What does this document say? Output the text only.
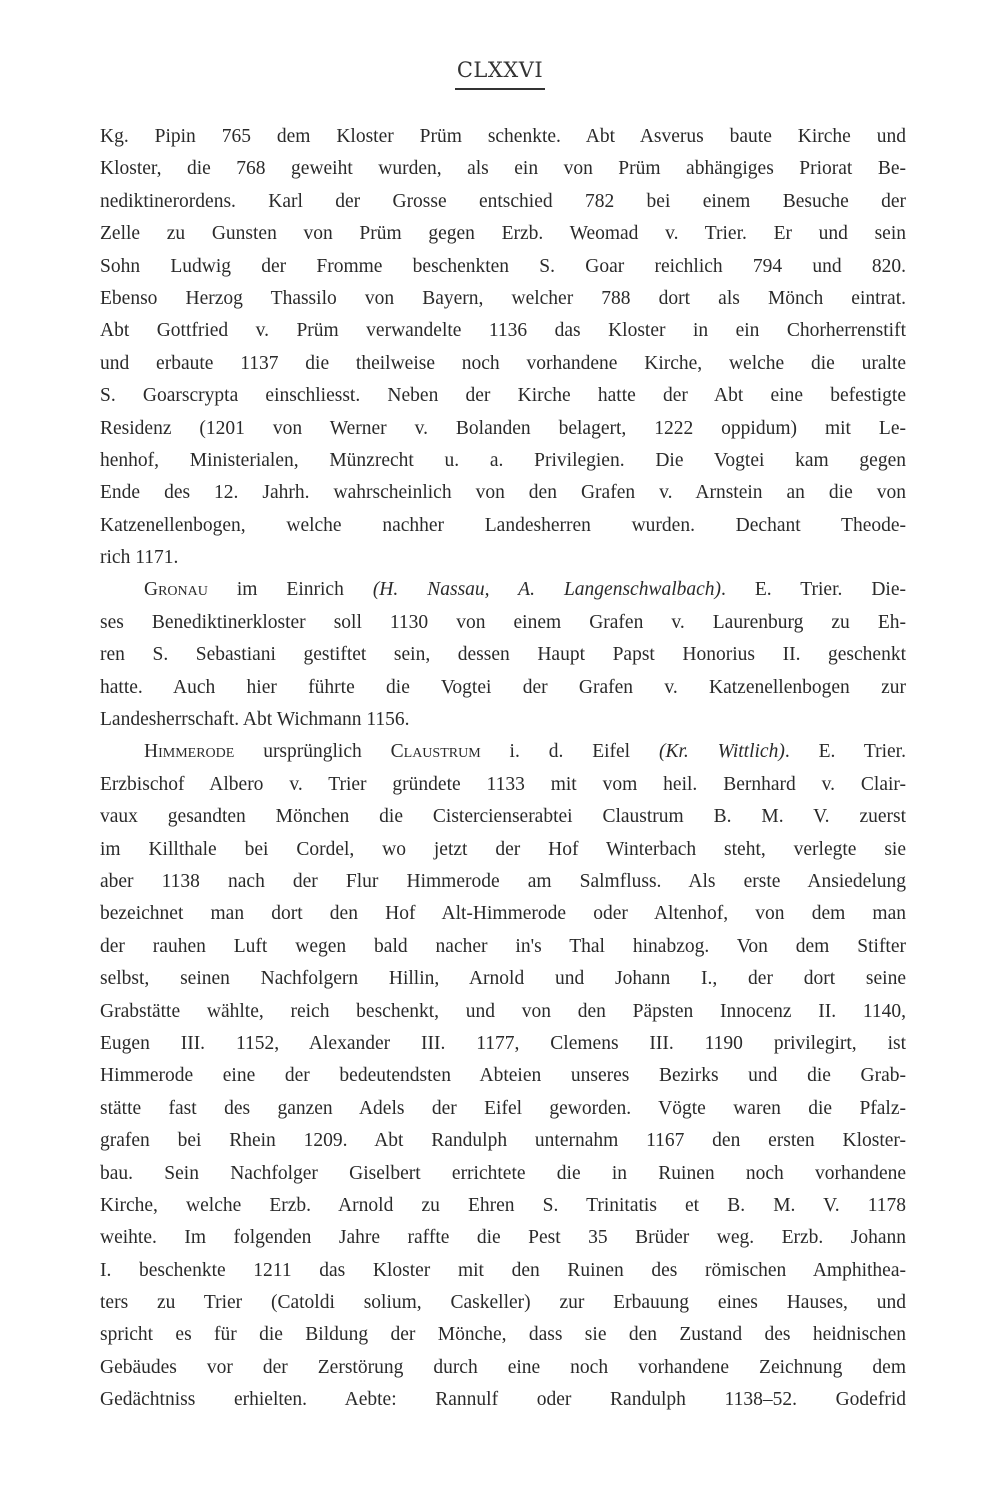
CLXXVI
Kg. Pipin 765 dem Kloster Prüm schenkte. Abt Asverus baute Kirche und
Kloster, die 768 geweiht wurden, als ein von Prüm abhängiges Priorat Be-
nediktinerordens. Karl der Grosse entschied 782 bei einem Besuche der
Zelle zu Gunsten von Prüm gegen Erzb. Weomad v. Trier. Er und sein
Sohn Ludwig der Fromme beschenkten S. Goar reichlich 794 und 820.
Ebenso Herzog Thassilo von Bayern, welcher 788 dort als Mönch eintrat.
Abt Gottfried v. Prüm verwandelte 1136 das Kloster in ein Chorherrenstift
und erbaute 1137 die theilweise noch vorhandene Kirche, welche die uralte
S. Goarscrypta einschliesst. Neben der Kirche hatte der Abt eine befestigte
Residenz (1201 von Werner v. Bolanden belagert, 1222 oppidum) mit Le-
henhof, Ministerialen, Münzrecht u. a. Privilegien. Die Vogtei kam gegen
Ende des 12. Jahrh. wahrscheinlich von den Grafen v. Arnstein an die von
Katzenellenbogen, welche nachher Landesherren wurden. Dechant Theode-
rich 1171.
Gronau im Einrich (H. Nassau, A. Langenschwalbach). E. Trier. Die-
ses Benediktinerkloster soll 1130 von einem Grafen v. Laurenburg zu Eh-
ren S. Sebastiani gestiftet sein, dessen Haupt Papst Honorius II. geschenkt
hatte. Auch hier führte die Vogtei der Grafen v. Katzenellenbogen zur
Landesherrschaft. Abt Wichmann 1156.
Himmerode ursprünglich Claustrum i. d. Eifel (Kr. Wittlich). E. Trier.
Erzbischof Albero v. Trier gründete 1133 mit vom heil. Bernhard v. Clair-
vaux gesandten Mönchen die Cistercienserabtei Claustrum B. M. V. zuerst
im Killthale bei Cordel, wo jetzt der Hof Winterbach steht, verlegte sie
aber 1138 nach der Flur Himmerode am Salmfluss. Als erste Ansiedelung
bezeichnet man dort den Hof Alt-Himmerode oder Altenhof, von dem man
der rauhen Luft wegen bald nacher in's Thal hinabzog. Von dem Stifter
selbst, seinen Nachfolgern Hillin, Arnold und Johann I., der dort seine
Grabstätte wählte, reich beschenkt, und von den Päpsten Innocenz II. 1140,
Eugen III. 1152, Alexander III. 1177, Clemens III. 1190 privilegirt, ist
Himmerode eine der bedeutendsten Abteien unseres Bezirks und die Grab-
stätte fast des ganzen Adels der Eifel geworden. Vögte waren die Pfalz-
grafen bei Rhein 1209. Abt Randulph unternahm 1167 den ersten Kloster-
bau. Sein Nachfolger Giselbert errichtete die in Ruinen noch vorhandene
Kirche, welche Erzb. Arnold zu Ehren S. Trinitatis et B. M. V. 1178
weihte. Im folgenden Jahre raffte die Pest 35 Brüder weg. Erzb. Johann
I. beschenkte 1211 das Kloster mit den Ruinen des römischen Amphithea-
ters zu Trier (Catoldi solium, Caskeller) zur Erbauung eines Hauses, und
spricht es für die Bildung der Mönche, dass sie den Zustand des heidnischen
Gebäudes vor der Zerstörung durch eine noch vorhandene Zeichnung dem
Gedächtniss erhielten. Aebte: Rannulf oder Randulph 1138–52. Godefrid
